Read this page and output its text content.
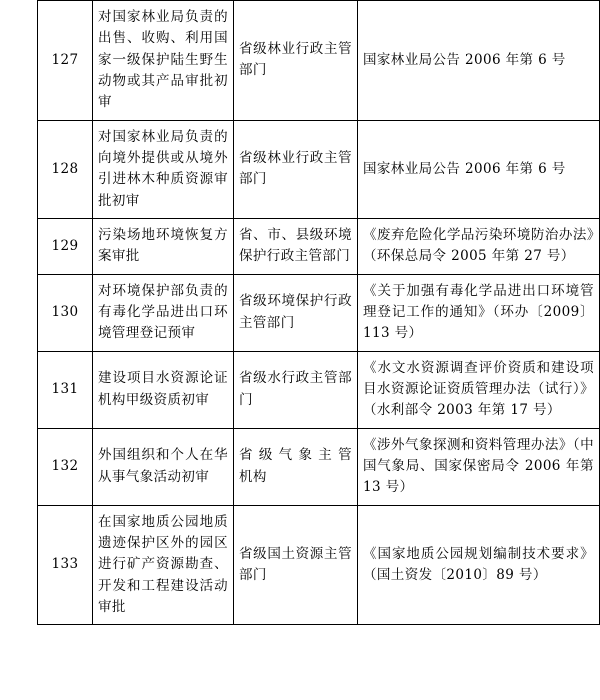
	127	对国家林业局负责的出售、收购、利用国家一级保护陆生野生动物或其产品审批初审	省级林业行政主管部门	国家林业局公告 2006 年第 6 号

	128	对国家林业局负责的向境外提供或从境外引进林木种质资源审批初审	省级林业行政主管部门	国家林业局公告 2006 年第 6 号

	129	污染场地环境恢复方案审批	省、市、县级环境保护行政主管部门	《废弃危险化学品污染环境防治办法》（环保总局令 2005 年第 27 号）

	130	对环境保护部负责的有毒化学品进出口环境管理登记预审	省级环境保护行政主管部门	《关于加强有毒化学品进出口环境管理登记工作的通知》（环办〔2009〕113 号）

	131	建设项目水资源论证机构甲级资质初审	省级水行政主管部门	《水文水资源调查评价资质和建设项目水资源论证资质管理办法（试行）》（水利部令 2003 年第 17 号）

	132	外国组织和个人在华从事气象活动初审	省 级 气 象 主 管机构	《涉外气象探测和资料管理办法》（中国气象局、国家保密局令 2006 年第 13 号）

	133	在国家地质公园地质遗迹保护区外的园区进行矿产资源勘查、开发和工程建设活动审批	省级国土资源主管部门	《国家地质公园规划编制技术要求》（国土资发〔2010〕89 号）
